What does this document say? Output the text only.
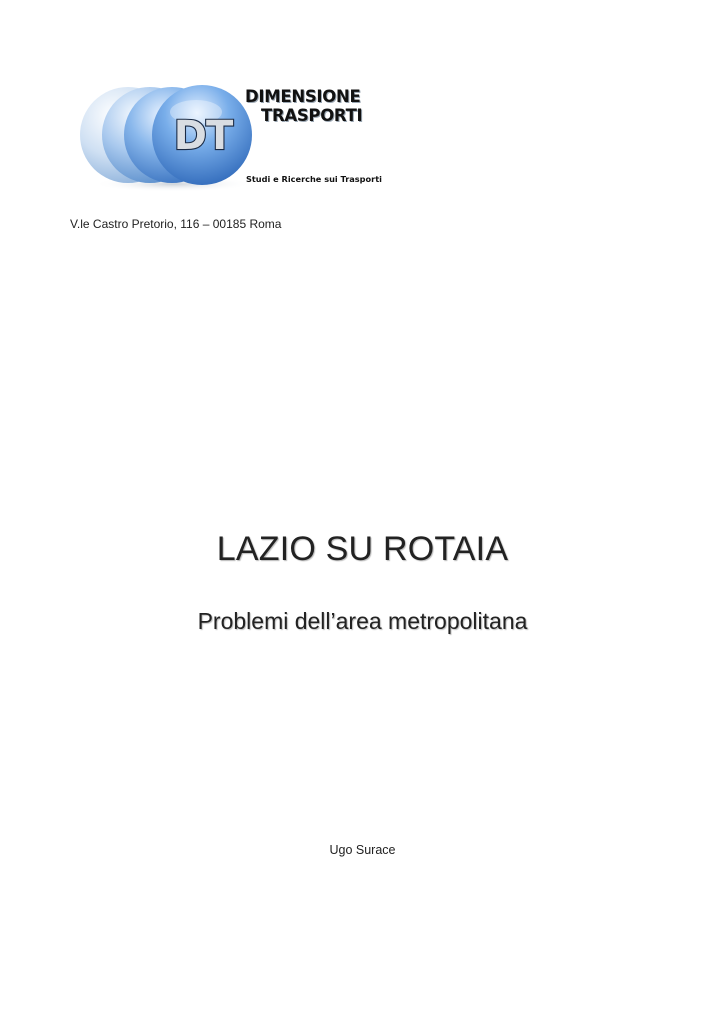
DT
DIMENSIONE
TRASPORTI
Studi e Ricerche sui Trasporti
V.le Castro Pretorio, 116 – 00185 Roma
LAZIO SU ROTAIA
Problemi dell’area metropolitana
Ugo Surace
